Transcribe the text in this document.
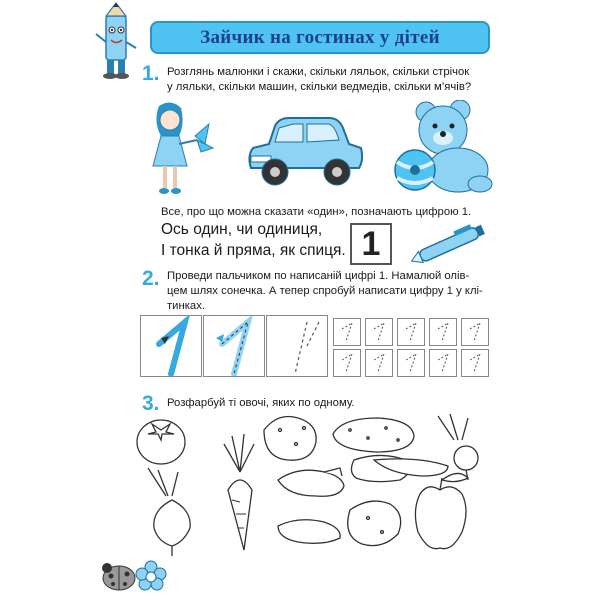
Зайчик на гостинах у дітей
1. Розглянь малюнки і скажи, скільки ляльок, скільки стрічок
у ляльки, скільки машин, скільки ведмедів, скільки м’ячів?
Все, про що можна сказати «один», позначають цифрою 1.
Ось один, чи одиниця,
І тонка й пряма, як спиця. 1
2. Проведи пальчиком по написаній цифрі 1. Намалюй олів-
цем шлях сонечка. А тепер спробуй написати цифру 1 у клі-
тинках.
3. Розфарбуй ті овочі, яких по одному.
